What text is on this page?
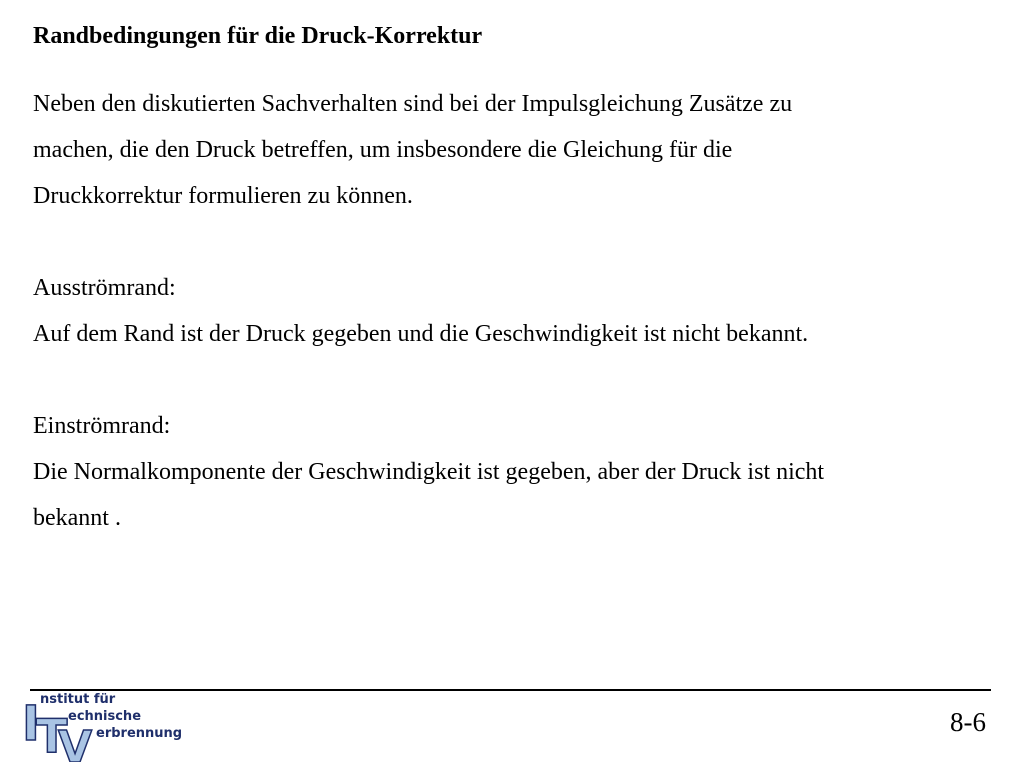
Randbedingungen für die Druck-Korrektur
Neben den diskutierten Sachverhalten sind bei der Impulsgleichung Zusätze zu
machen, die den Druck betreffen, um insbesondere die Gleichung für die
Druckkorrektur formulieren zu können.
Ausströmrand:
Auf dem Rand ist der Druck gegeben und die Geschwindigkeit ist nicht bekannt.
Einströmrand:
Die Normalkomponente der Geschwindigkeit ist gegeben, aber der Druck ist nicht
bekannt .
I
T
V
nstitut für
echnische
erbrennung	8-6
